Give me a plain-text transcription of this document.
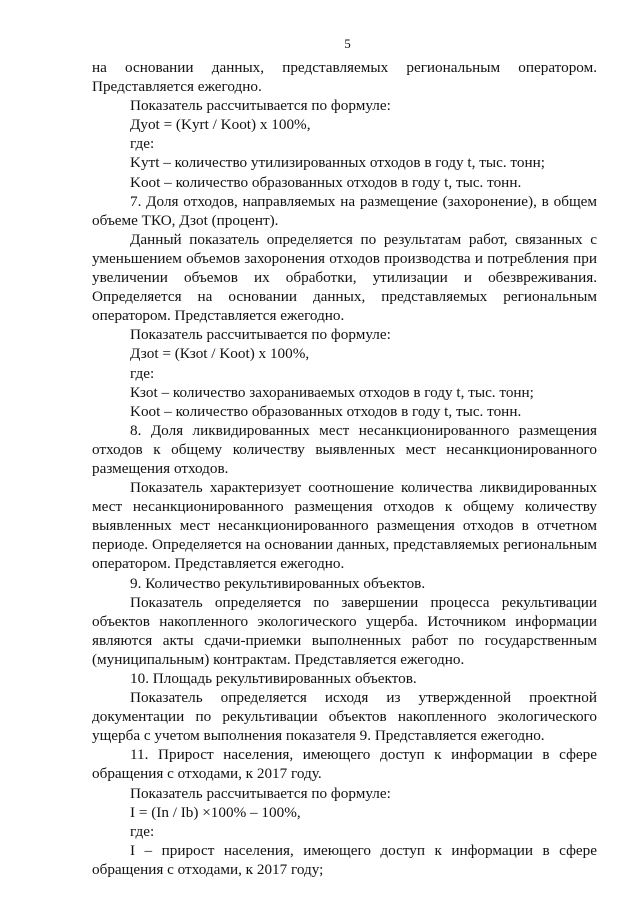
5

на основании данных, представляемых региональным оператором. Представляется ежегодно.

Показатель рассчитывается по формуле:

Дуot = (Kyrt / Koot) x 100%,

где:

Kутt – количество утилизированных отходов в году t, тыс. тонн;

Koot – количество образованных отходов в году t, тыс. тонн.

7. Доля отходов, направляемых на размещение (захоронение), в общем объеме ТКО, Дзot (процент).

Данный показатель определяется по результатам работ, связанных с уменьшением объемов захоронения отходов производства и потребления при увеличении объемов их обработки, утилизации и обезвреживания. Определяется на основании данных, представляемых региональным оператором. Представляется ежегодно.

Показатель рассчитывается по формуле:

Дзot = (Кзot / Koot) x 100%,

где:

Кзot – количество захораниваемых отходов в году t, тыс. тонн;

Koot – количество образованных отходов в году t, тыс. тонн.

8. Доля ликвидированных мест несанкционированного размещения отходов к общему количеству выявленных мест несанкционированного размещения отходов.

Показатель характеризует соотношение количества ликвидированных мест несанкционированного размещения отходов к общему количеству выявленных мест несанкционированного размещения отходов в отчетном периоде. Определяется на основании данных, представляемых региональным оператором. Представляется ежегодно.

9. Количество рекультивированных объектов.

Показатель определяется по завершении процесса рекультивации объектов накопленного экологического ущерба. Источником информации являются акты сдачи-приемки выполненных работ по государственным (муниципальным) контрактам. Представляется ежегодно.

10. Площадь рекультивированных объектов.

Показатель определяется исходя из утвержденной проектной документации по рекультивации объектов накопленного экологического ущерба с учетом выполнения показателя 9. Представляется ежегодно.

11. Прирост населения, имеющего доступ к информации в сфере обращения с отходами, к 2017 году.

Показатель рассчитывается по формуле:

I = (In / Ib) ×100% – 100%,

где:

I – прирост населения, имеющего доступ к информации в сфере обращения с отходами, к 2017 году;
